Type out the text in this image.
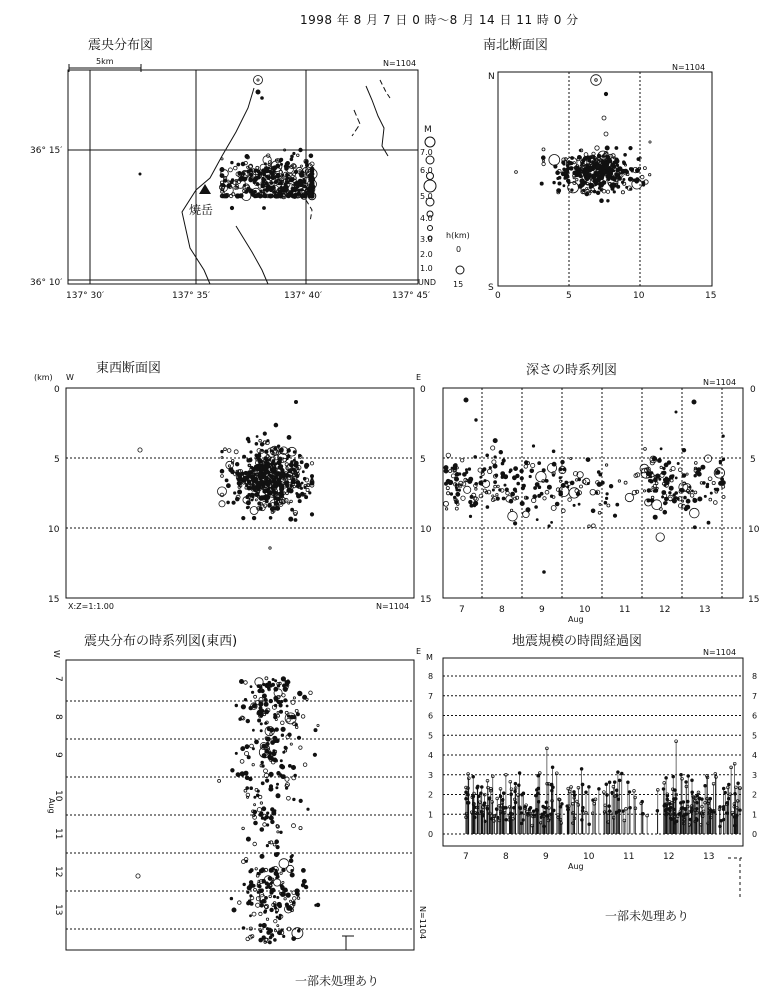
1998 年 8 月 7 日 0 時〜8 月 14 日 11 時 0 分
震央分布図	南北断面図
東西断面図	深さの時系列図
震央分布の時系列図(東西)	地震規模の時間経過図
一部未処理あり
一部未処理あり
5km	N=1104
焼岳
36° 15′
36° 10′
137° 30′	137° 35′	137° 40′	137° 45′
M
7.0
6.0
5.0
4.0
3.0
2.0
1.0
UND
h(km)
0
15
N=1104
N
S
0	5	10	15
(km) W	E
0
5
10
15
0
5
10
15
X:Z=1:1.00	N=1104
N=1104
0
5
10
15
7	8	9	10	11	12	13
Aug
W	E
7
8
9
10
11
12
13
Aug
N=1104
N=1104
M
0	0
1	1
2	2
3	3
4	4
5	5
6	6
7	7
8	8
7	8	9	10	11	12	13
Aug
